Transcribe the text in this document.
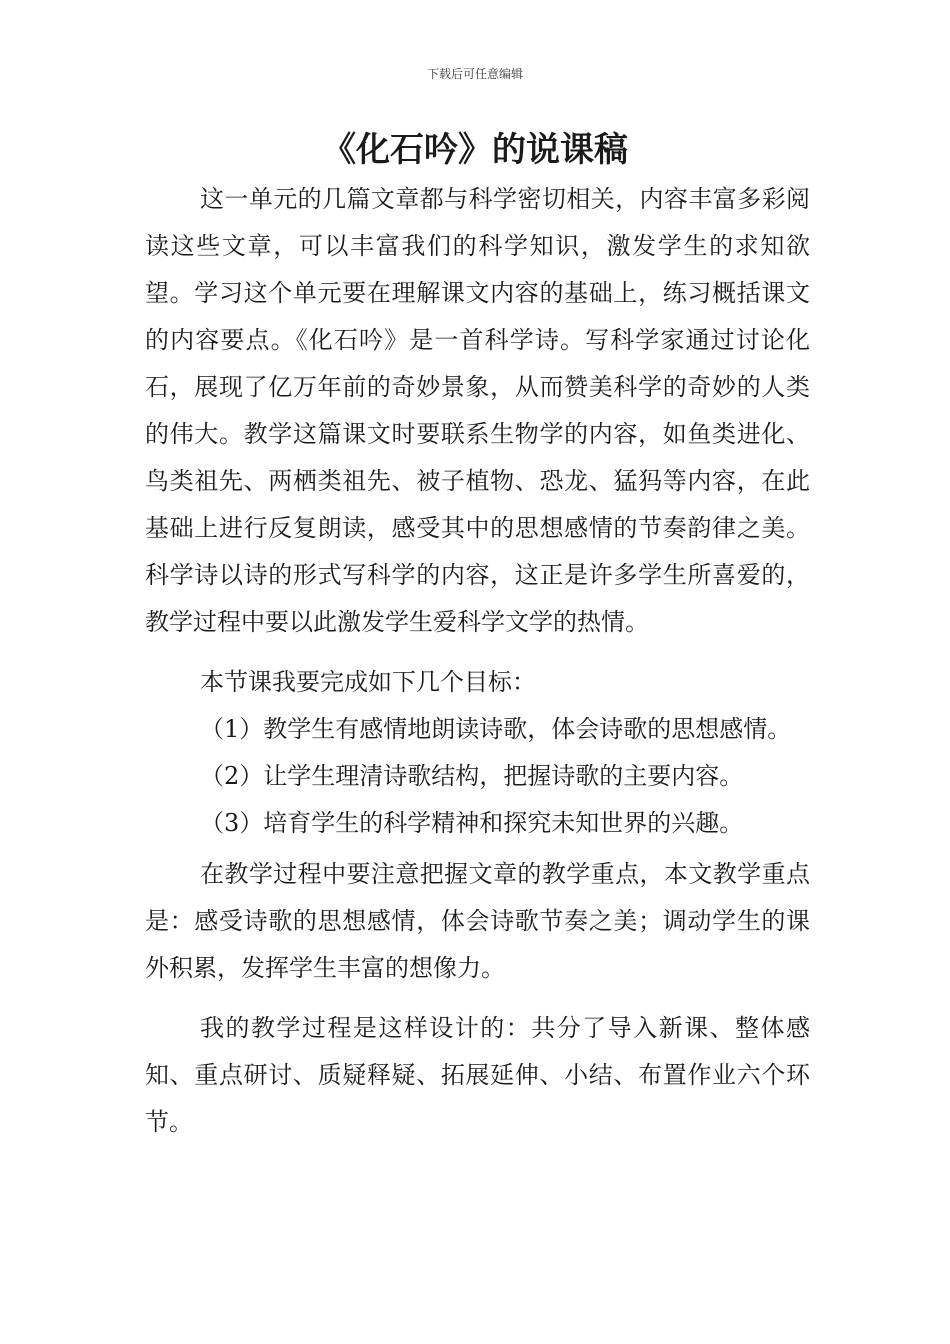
下载后可任意编辑
《化石吟》的说课稿

这一单元的几篇文章都与科学密切相关，内容丰富多彩阅读这些文章，可以丰富我们的科学知识，激发学生的求知欲望。学习这个单元要在理解课文内容的基础上，练习概括课文的内容要点。《化石吟》是一首科学诗。写科学家通过讨论化石，展现了亿万年前的奇妙景象，从而赞美科学的奇妙的人类的伟大。教学这篇课文时要联系生物学的内容，如鱼类进化、鸟类祖先、两栖类祖先、被子植物、恐龙、猛犸等内容，在此基础上进行反复朗读，感受其中的思想感情的节奏韵律之美。科学诗以诗的形式写科学的内容，这正是许多学生所喜爱的，教学过程中要以此激发学生爱科学文学的热情。

本节课我要完成如下几个目标：

（1）教学生有感情地朗读诗歌，体会诗歌的思想感情。

（2）让学生理清诗歌结构，把握诗歌的主要内容。

（3）培育学生的科学精神和探究未知世界的兴趣。

在教学过程中要注意把握文章的教学重点，本文教学重点是：感受诗歌的思想感情，体会诗歌节奏之美；调动学生的课外积累，发挥学生丰富的想像力。

我的教学过程是这样设计的：共分了导入新课、整体感知、重点研讨、质疑释疑、拓展延伸、小结、布置作业六个环节。
